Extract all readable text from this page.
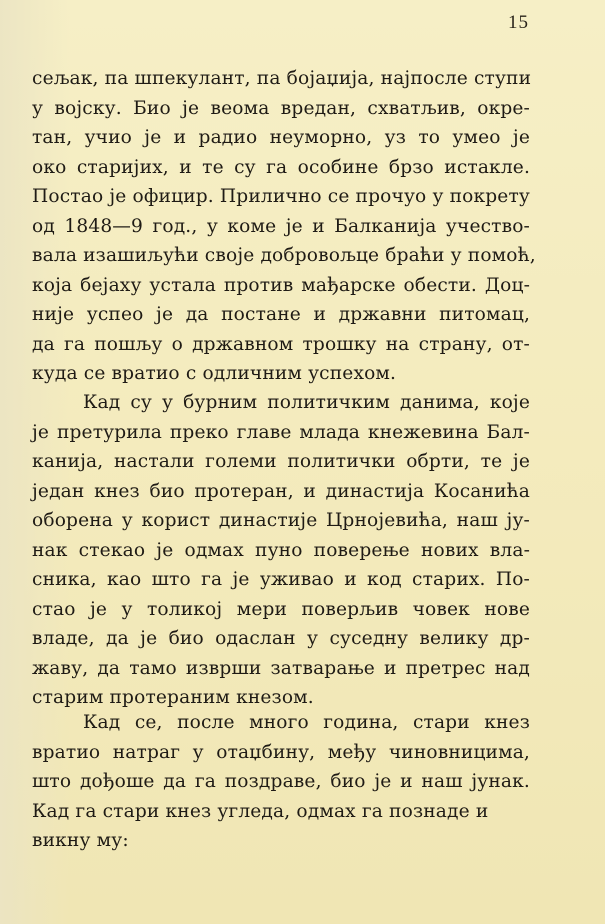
15
сељак, па шпекулант, па бојаџија, најпосле ступи
у војску. Био је веома вредан, схватљив, окре-
тан, учио је и радио неуморно, уз то умео је
око старијих, и те су га особине брзо истакле.
Постао је официр. Прилично се прочуо у покрету
од 1848—9 год., у коме је и Балканија учество-
вала изашиљући своје добровољце браћи у помоћ,
која бејаху устала против мађарске обести. Доц-
није успео је да постане и државни питомац,
да га пошљу о државном трошку на страну, от-
куда се вратио с одличним успехом.
Кад су у бурним политичким данима, које
је претурила преко главе млада кнежевина Бал-
канија, настали големи политички обрти, те је
један кнез био протеран, и династија Косанића
оборена у корист династије Црнојевића, наш ју-
нак стекао је одмах пуно поверење нових вла-
сника, као што га је уживао и код старих. По-
стао је у толикој мери поверљив човек нове
владе, да је био одаслан у суседну велику др-
жаву, да тамо изврши затварање и претрес над
старим протераним кнезом.
Кад се, после много година, стари кнез
вратио натраг у отаџбину, међу чиновницима,
што дођоше да га поздраве, био је и наш јунак.
Кад га стари кнез угледа, одмах га познаде и
викну му:
